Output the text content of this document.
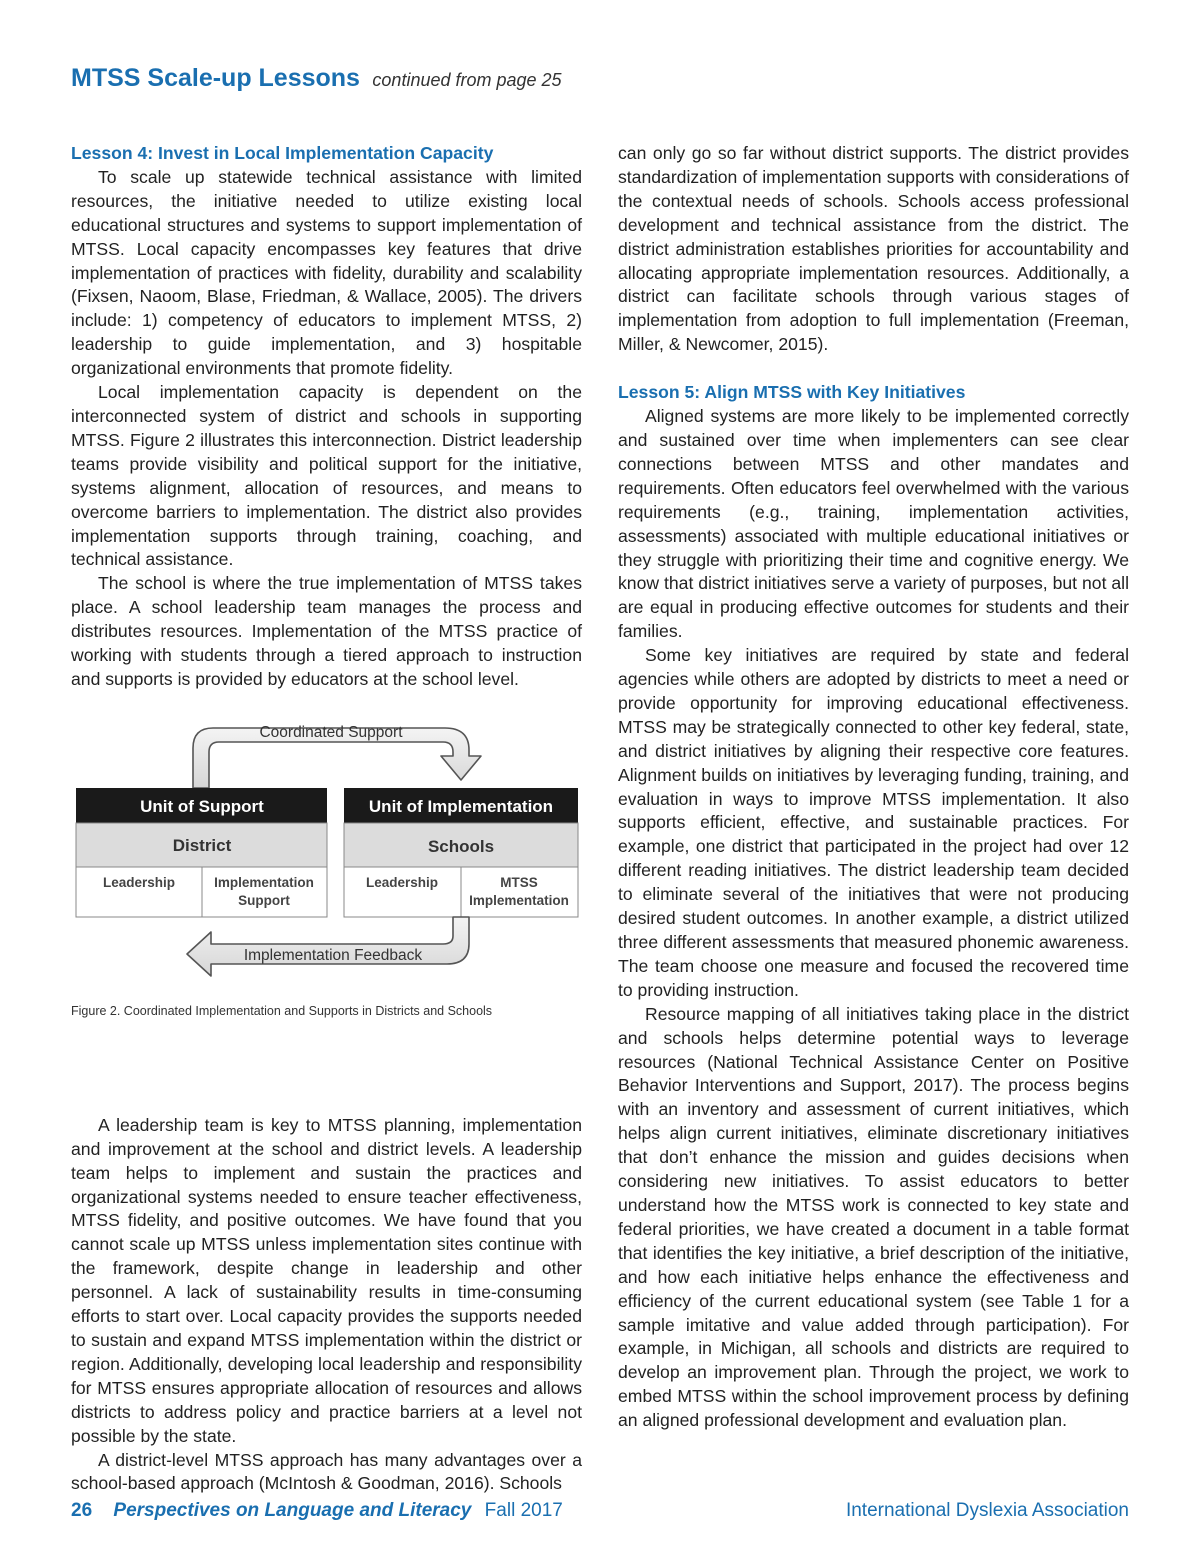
MTSS Scale-up Lessons continued from page 25
Lesson 4: Invest in Local Implementation Capacity

To scale up statewide technical assistance with limited resources, the initiative needed to utilize existing local educational structures and systems to support implementation of MTSS. Local capacity encompasses key features that drive implementation of practices with fidelity, durability and scalability (Fixsen, Naoom, Blase, Friedman, & Wallace, 2005). The drivers include: 1) competency of educators to implement MTSS, 2) leadership to guide implementation, and 3) hospitable organizational environments that promote fidelity.

Local implementation capacity is dependent on the interconnected system of district and schools in supporting MTSS. Figure 2 illustrates this interconnection. District leadership teams provide visibility and political support for the initiative, systems alignment, allocation of resources, and means to overcome barriers to implementation. The district also provides implementation supports through training, coaching, and technical assistance.

The school is where the true implementation of MTSS takes place. A school leadership team manages the process and distributes resources. Implementation of the MTSS practice of working with students through a tiered approach to instruction and supports is provided by educators at the school level.

Coordinated Support
Unit of Support
District
Leadership	Implementation
Support
Unit of Implementation
Schools
Leadership	MTSS
Implementation
Implementation Feedback
Figure 2. Coordinated Implementation and Supports in Districts and Schools

A leadership team is key to MTSS planning, implementation and improvement at the school and district levels. A leadership team helps to implement and sustain the practices and organizational systems needed to ensure teacher effectiveness, MTSS fidelity, and positive outcomes. We have found that you cannot scale up MTSS unless implementation sites continue with the framework, despite change in leadership and other personnel. A lack of sustainability results in time-consuming efforts to start over. Local capacity provides the supports needed to sustain and expand MTSS implementation within the district or region. Additionally, developing local leadership and responsibility for MTSS ensures appropriate allocation of resources and allows districts to address policy and practice barriers at a level not possible by the state.

A district-level MTSS approach has many advantages over a school-based approach (McIntosh & Goodman, 2016). Schools

can only go so far without district supports. The district provides standardization of implementation supports with considerations of the contextual needs of schools. Schools access professional development and technical assistance from the district. The district administration establishes priorities for accountability and allocating appropriate implementation resources. Additionally, a district can facilitate schools through various stages of implementation from adoption to full implementation (Freeman, Miller, & Newcomer, 2015).

Lesson 5: Align MTSS with Key Initiatives

Aligned systems are more likely to be implemented correctly and sustained over time when implementers can see clear connections between MTSS and other mandates and requirements. Often educators feel overwhelmed with the various requirements (e.g., training, implementation activities, assessments) associated with multiple educational initiatives or they struggle with prioritizing their time and cognitive energy. We know that district initiatives serve a variety of purposes, but not all are equal in producing effective outcomes for students and their families.

Some key initiatives are required by state and federal agencies while others are adopted by districts to meet a need or provide opportunity for improving educational effectiveness. MTSS may be strategically connected to other key federal, state, and district initiatives by aligning their respective core features. Alignment builds on initiatives by leveraging funding, training, and evaluation in ways to improve MTSS implementation. It also supports efficient, effective, and sustainable practices. For example, one district that participated in the project had over 12 different reading initiatives. The district leadership team decided to eliminate several of the initiatives that were not producing desired student outcomes. In another example, a district utilized three different assessments that measured phonemic awareness. The team choose one measure and focused the recovered time to providing instruction.

Resource mapping of all initiatives taking place in the district and schools helps determine potential ways to leverage resources (National Technical Assistance Center on Positive Behavior Interventions and Support, 2017). The process begins with an inventory and assessment of current initiatives, which helps align current initiatives, eliminate discretionary initiatives that don’t enhance the mission and guides decisions when considering new initiatives. To assist educators to better understand how the MTSS work is connected to key state and federal priorities, we have created a document in a table format that identifies the key initiative, a brief description of the initiative, and how each initiative helps enhance the effectiveness and efficiency of the current educational system (see Table 1 for a sample imitative and value added through participation). For example, in Michigan, all schools and districts are required to develop an improvement plan. Through the project, we work to embed MTSS within the school improvement process by defining an aligned professional development and evaluation plan.

26 Perspectives on Language and Literacy Fall 2017	International Dyslexia Association
